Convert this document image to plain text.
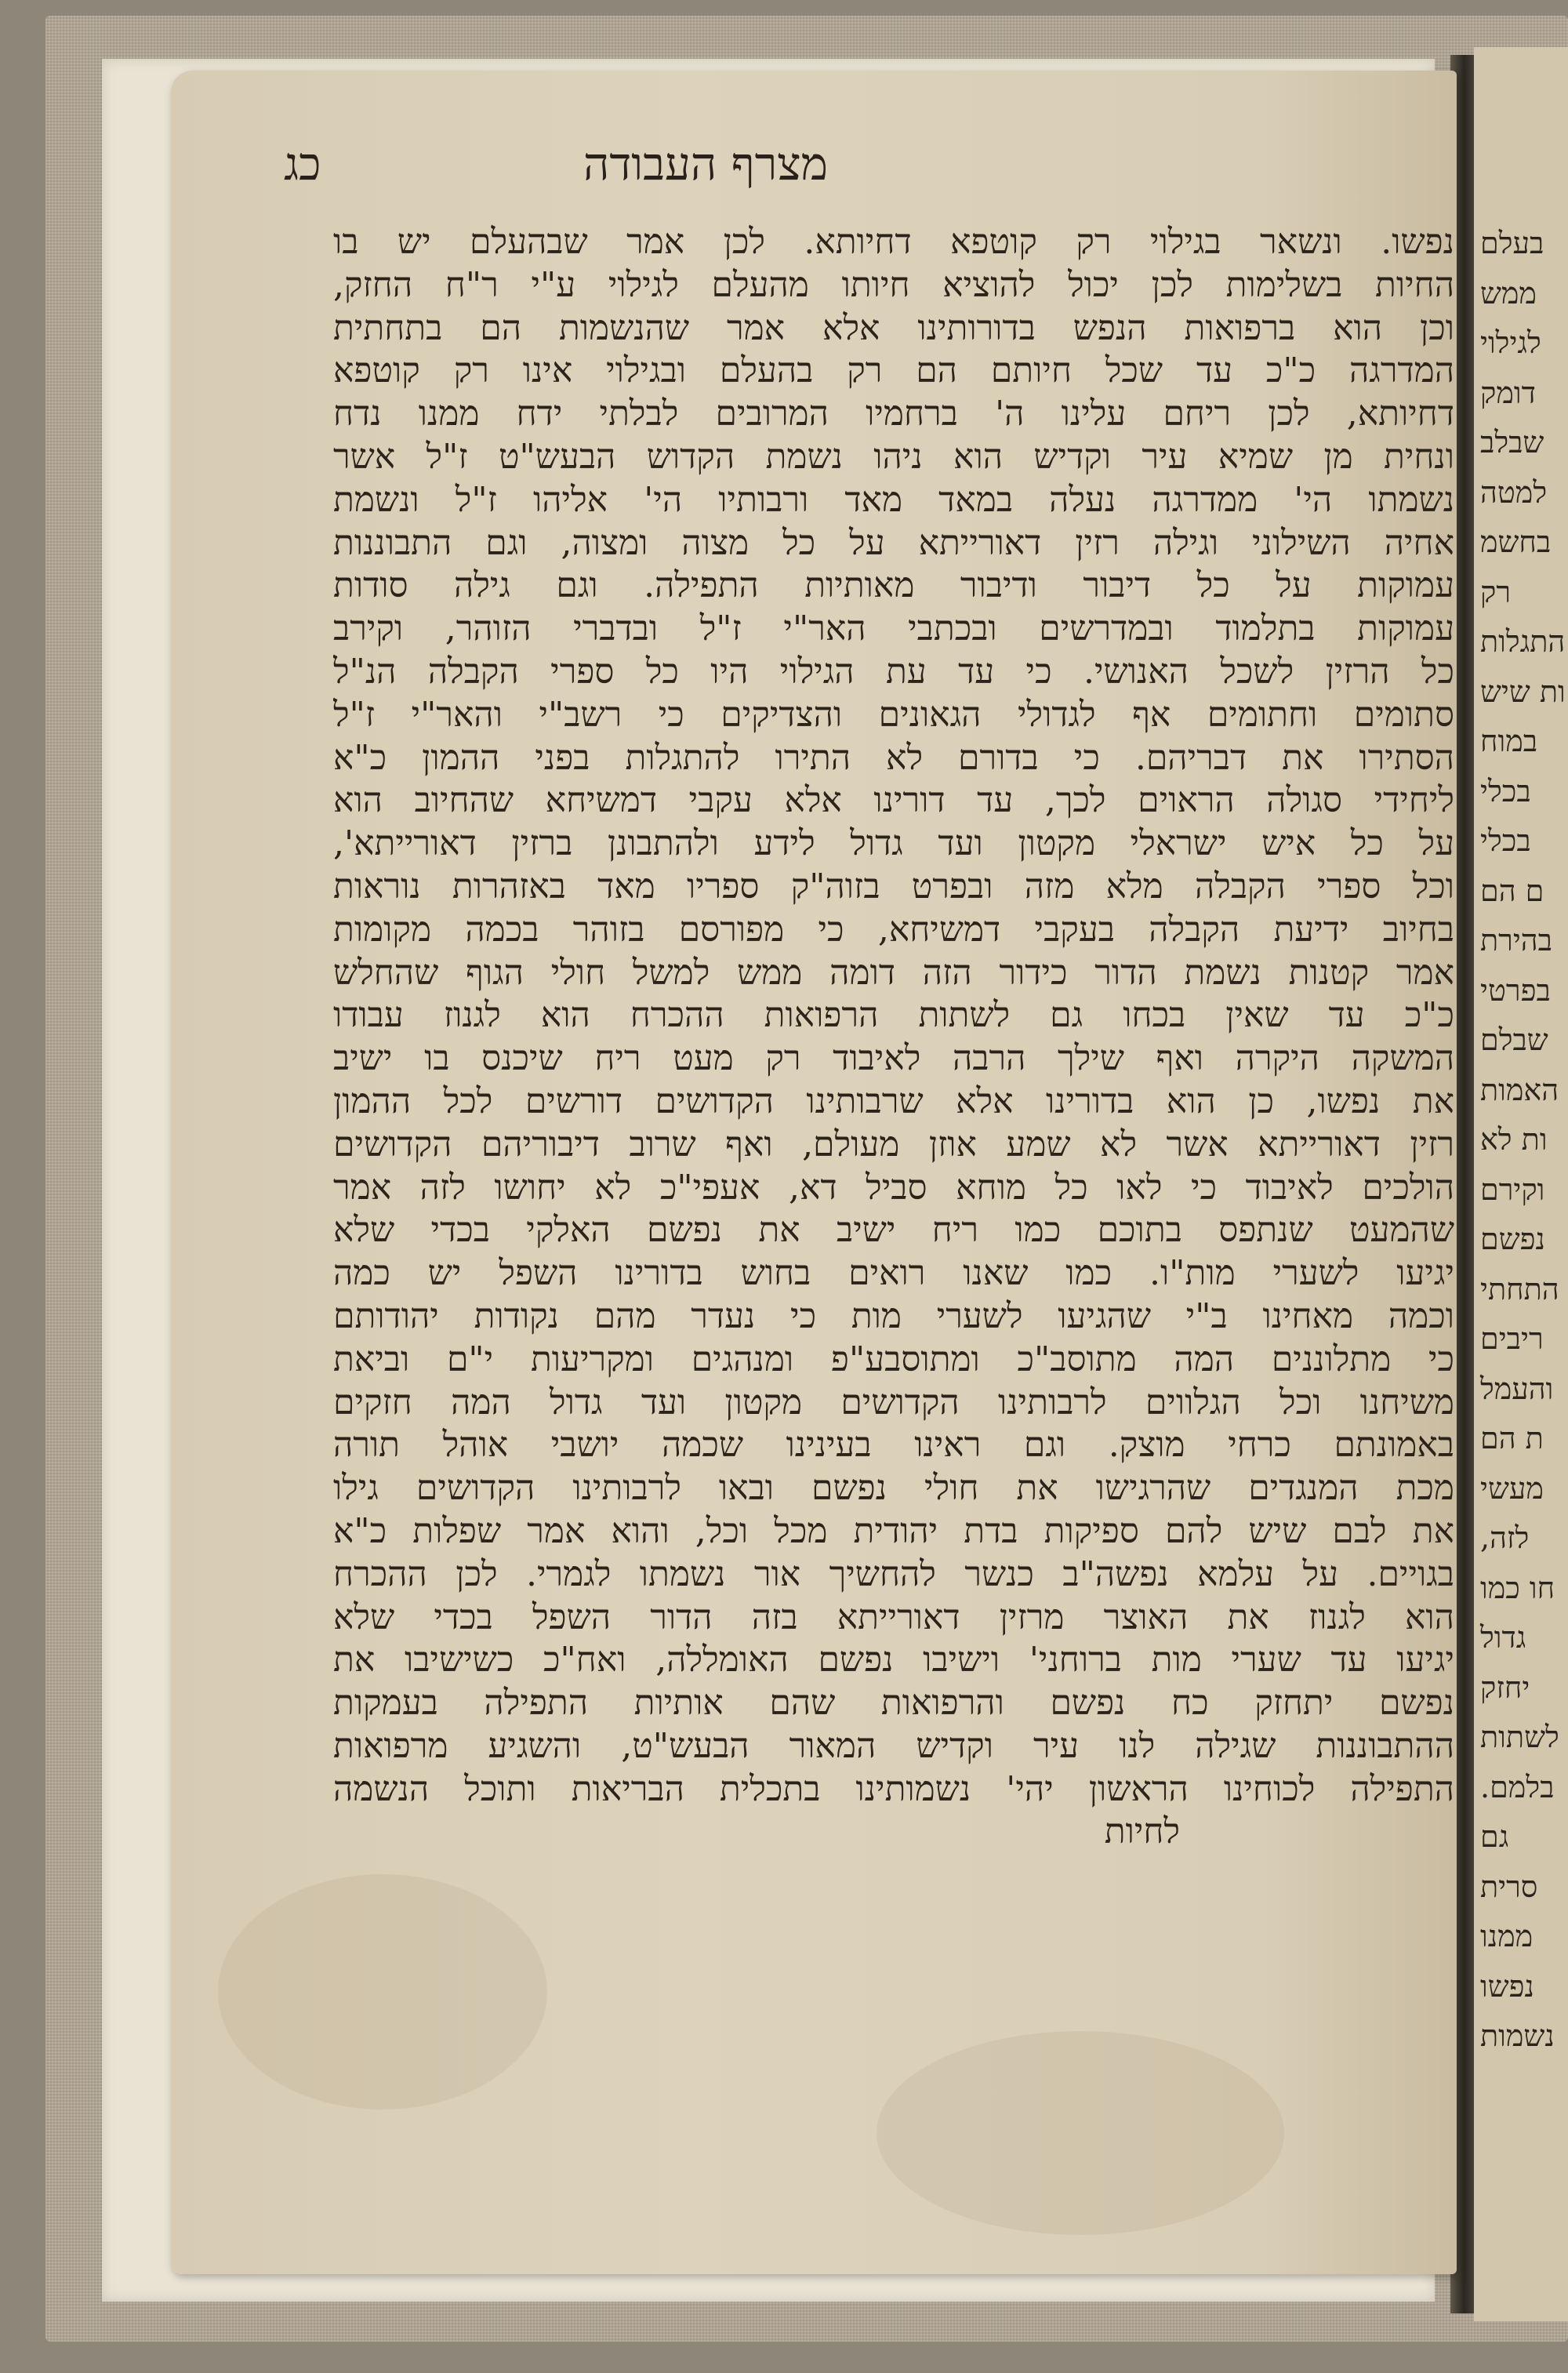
בעלם
ממש
לגילוי
דומק
שבלב
למטה
בחשמ
רק
התגלות
ות שיש
במוח
בכלי
בכלי
ם הם
בהירת
בפרטי
שבלם
האמות
ות לא
וקירם
נפשם
התחתי
ריבים
והעמל
ת הם
מעשי
לזה,
חו כמו
גדול
יחזק
לשתות
בלמם.
גם
סרית
ממנו
נפשו
נשמות
מצרף העבודה
כג
נפשו. ונשאר בגילוי רק קוטפא דחיותא. לכן אמר שבהעלם יש בו
החיות בשלימות לכן יכול להוציא חיותו מהעלם לגילוי ע"י ר"ח החזק,
וכן הוא ברפואות הנפש בדורותינו אלא אמר שהנשמות הם בתחתית
המדרגה כ"כ עד שכל חיותם הם רק בהעלם ובגילוי אינו רק קוטפא
דחיותא, לכן ריחם עלינו ה' ברחמיו המרובים לבלתי ידח ממנו נדח
ונחית מן שמיא עיר וקדיש הוא ניהו נשמת הקדוש הבעש"ט ז"ל אשר
נשמתו הי' ממדרגה נעלה במאד מאד ורבותיו הי' אליהו ז"ל ונשמת
אחיה השילוני וגילה רזין דאורייתא על כל מצוה ומצוה, וגם התבוננות
עמוקות על כל דיבור ודיבור מאותיות התפילה. וגם גילה סודות
עמוקות בתלמוד ובמדרשים ובכתבי האר"י ז"ל ובדברי הזוהר, וקירב
כל הרזין לשכל האנושי. כי עד עת הגילוי היו כל ספרי הקבלה הנ"ל
סתומים וחתומים אף לגדולי הגאונים והצדיקים כי רשב"י והאר"י ז"ל
הסתירו את דבריהם. כי בדורם לא התירו להתגלות בפני ההמון כ"א
ליחידי סגולה הראוים לכך, עד דורינו אלא עקבי דמשיחא שהחיוב הוא
על כל איש ישראלי מקטון ועד גדול לידע ולהתבונן ברזין דאורייתא',
וכל ספרי הקבלה מלא מזה ובפרט בזוה"ק ספריו מאד באזהרות נוראות
בחיוב ידיעת הקבלה בעקבי דמשיחא, כי מפורסם בזוהר בכמה מקומות
אמר קטנות נשמת הדור כידור הזה דומה ממש למשל חולי הגוף שהחלש
כ"כ עד שאין בכחו גם לשתות הרפואות ההכרח הוא לגנוז עבודו
המשקה היקרה ואף שילך הרבה לאיבוד רק מעט ריח שיכנס בו ישיב
את נפשו, כן הוא בדורינו אלא שרבותינו הקדושים דורשים לכל ההמון
רזין דאורייתא אשר לא שמע אוזן מעולם, ואף שרוב דיבוריהם הקדושים
הולכים לאיבוד כי לאו כל מוחא סביל דא, אעפי"כ לא יחושו לזה אמר
שהמעט שנתפס בתוכם כמו ריח ישיב את נפשם האלקי בכדי שלא
יגיעו לשערי מות"ו. כמו שאנו רואים בחוש בדורינו השפל יש כמה
וכמה מאחינו ב"י שהגיעו לשערי מות כי נעדר מהם נקודות יהודותם
כי מתלוננים המה מתוסב"כ ומתוסבע"פ ומנהגים ומקריעות י"ם וביאת
משיחנו וכל הגלווים לרבותינו הקדושים מקטון ועד גדול המה חזקים
באמונתם כרחי מוצק. וגם ראינו בעינינו שכמה יושבי אוהל תורה
מכת המנגדים שהרגישו את חולי נפשם ובאו לרבותינו הקדושים גילו
את לבם שיש להם ספיקות בדת יהודית מכל וכל, והוא אמר שפלות כ"א
בגויים. על עלמא נפשה"ב כנשר להחשיך אור נשמתו לגמרי. לכן ההכרח
הוא לגנוז את האוצר מרזין דאורייתא בזה הדור השפל בכדי שלא
יגיעו עד שערי מות ברוחני' וישיבו נפשם האומללה, ואח"כ כשישיבו את
נפשם יתחזק כח נפשם והרפואות שהם אותיות התפילה בעמקות
ההתבוננות שגילה לנו עיר וקדיש המאור הבעש"ט, והשגיע מרפואות
התפילה לכוחינו הראשון יהי' נשמותינו בתכלית הבריאות ותוכל הנשמה
לחיות
